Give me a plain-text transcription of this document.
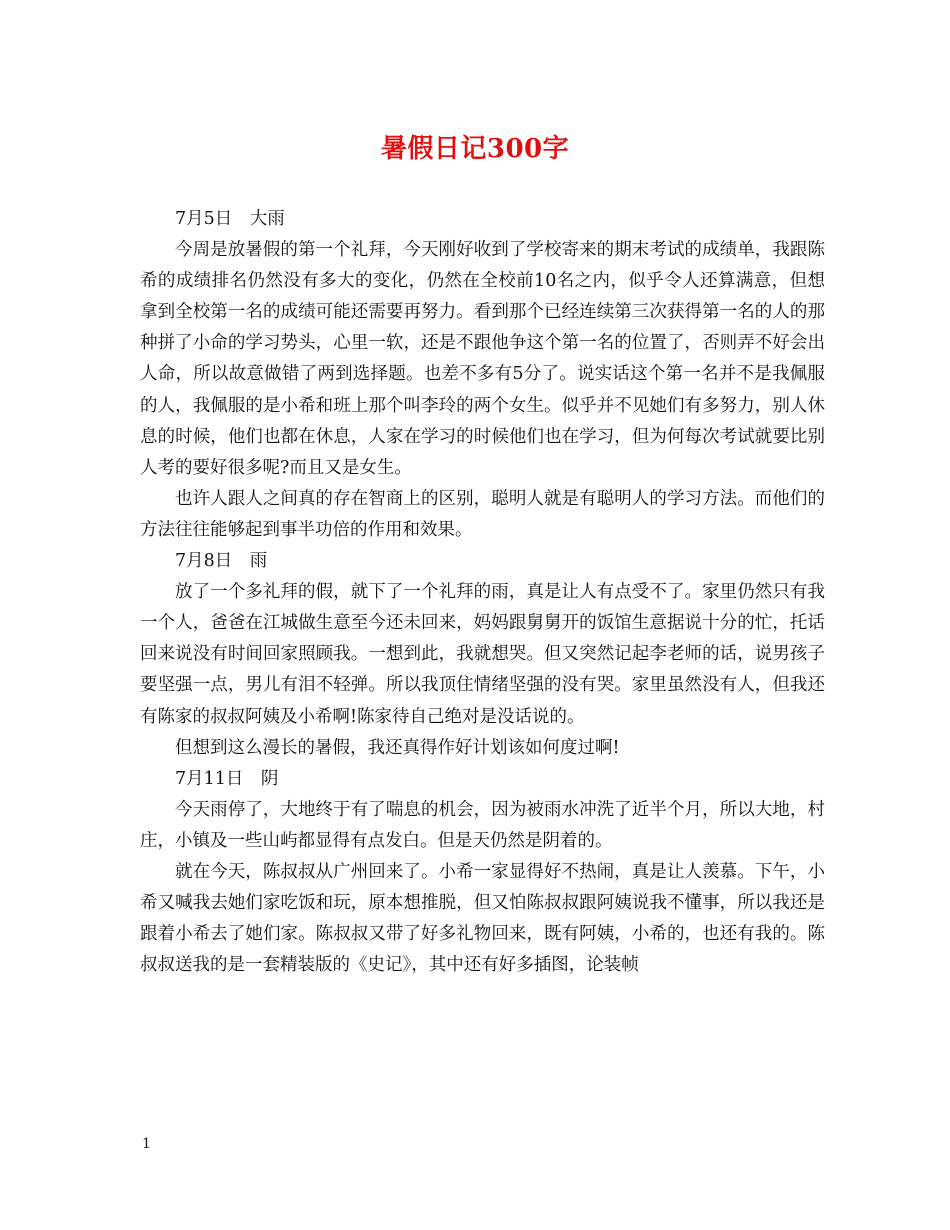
暑假日记300字

7月5日　大雨

今周是放暑假的第一个礼拜，今天刚好收到了学校寄来的期末考试的成绩单，我跟陈希的成绩排名仍然没有多大的变化，仍然在全校前10名之内，似乎令人还算满意，但想拿到全校第一名的成绩可能还需要再努力。看到那个已经连续第三次获得第一名的人的那种拼了小命的学习势头，心里一软，还是不跟他争这个第一名的位置了，否则弄不好会出人命，所以故意做错了两到选择题。也差不多有5分了。说实话这个第一名并不是我佩服的人，我佩服的是小希和班上那个叫李玲的两个女生。似乎并不见她们有多努力，别人休息的时候，他们也都在休息，人家在学习的时候他们也在学习，但为何每次考试就要比别人考的要好很多呢?而且又是女生。

也许人跟人之间真的存在智商上的区别，聪明人就是有聪明人的学习方法。而他们的方法往往能够起到事半功倍的作用和效果。

7月8日　雨

放了一个多礼拜的假，就下了一个礼拜的雨，真是让人有点受不了。家里仍然只有我一个人，爸爸在江城做生意至今还未回来，妈妈跟舅舅开的饭馆生意据说十分的忙，托话回来说没有时间回家照顾我。一想到此，我就想哭。但又突然记起李老师的话，说男孩子要坚强一点，男儿有泪不轻弹。所以我顶住情绪坚强的没有哭。家里虽然没有人，但我还有陈家的叔叔阿姨及小希啊!陈家待自己绝对是没话说的。

但想到这么漫长的暑假，我还真得作好计划该如何度过啊!

7月11日　阴

今天雨停了，大地终于有了喘息的机会，因为被雨水冲洗了近半个月，所以大地，村庄，小镇及一些山屿都显得有点发白。但是天仍然是阴着的。

就在今天，陈叔叔从广州回来了。小希一家显得好不热闹，真是让人羡慕。下午，小希又喊我去她们家吃饭和玩，原本想推脱，但又怕陈叔叔跟阿姨说我不懂事，所以我还是跟着小希去了她们家。陈叔叔又带了好多礼物回来，既有阿姨，小希的，也还有我的。陈叔叔送我的是一套精装版的《史记》，其中还有好多插图，论装帧

1
